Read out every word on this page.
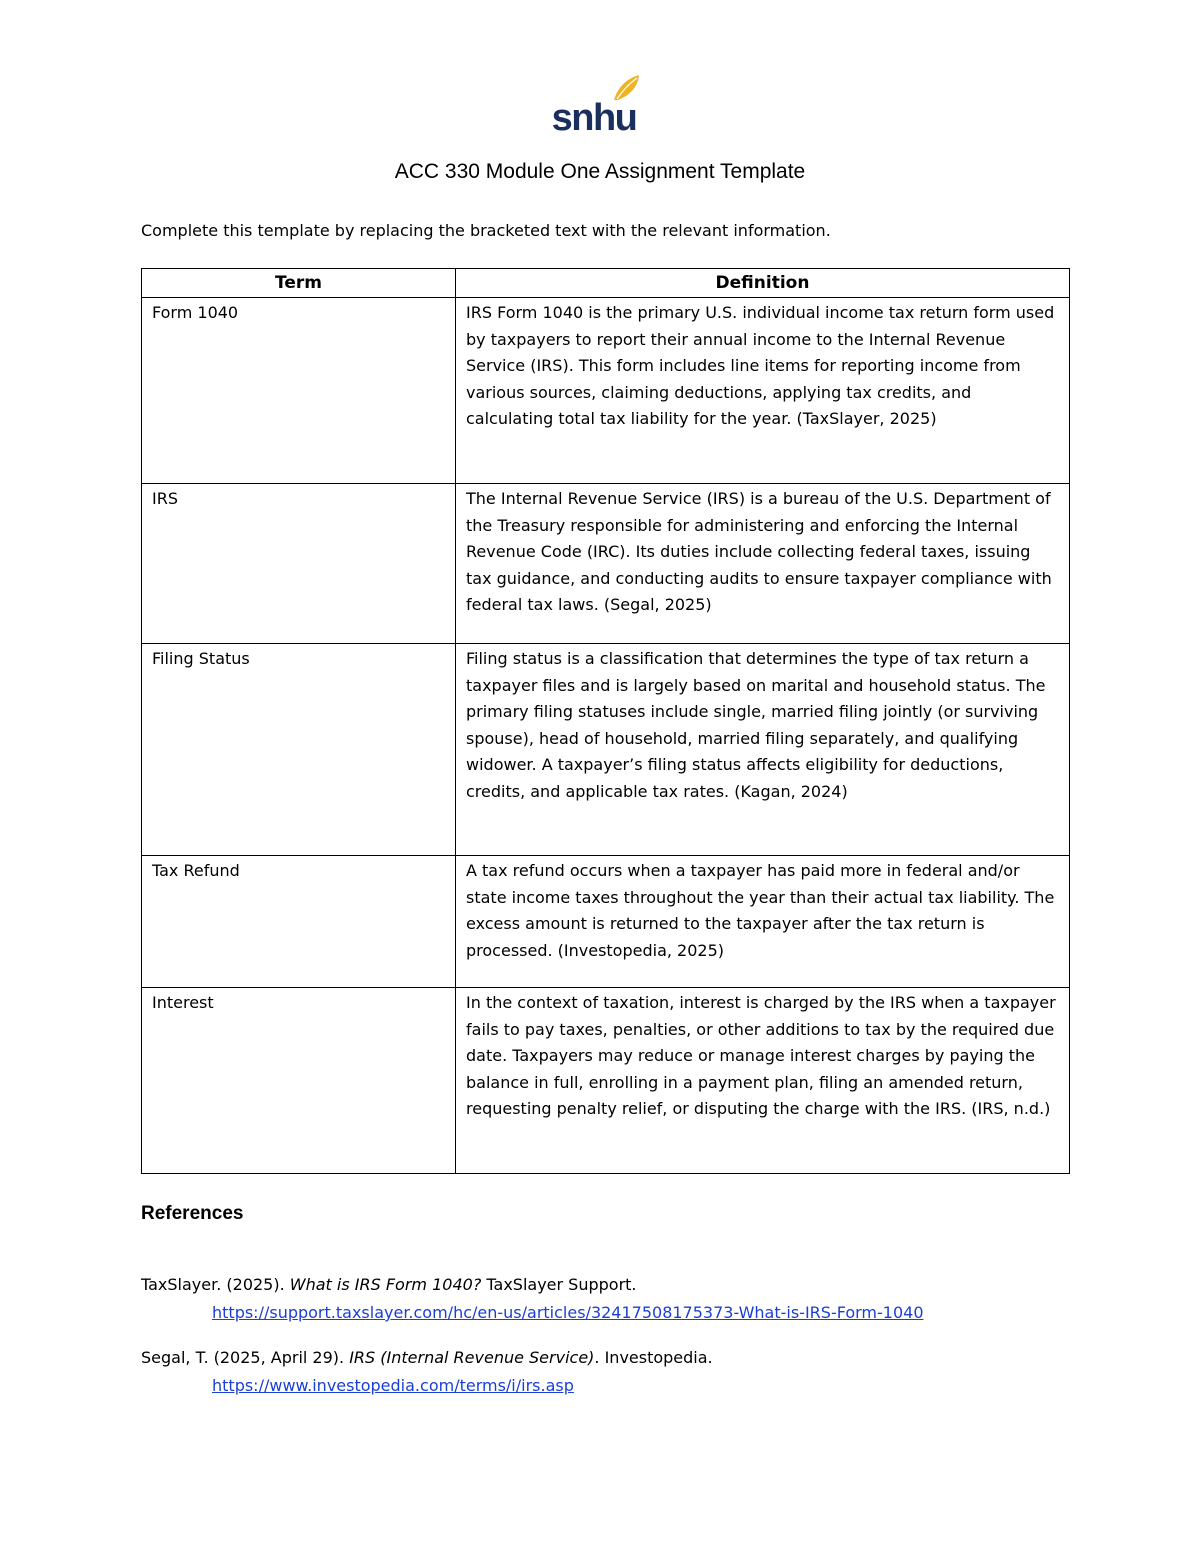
snhu
ACC 330 Module One Assignment Template
Complete this template by replacing the bracketed text with the relevant information.
Term	Definition
Form 1040	IRS Form 1040 is the primary U.S. individual income tax return form used by taxpayers to report their annual income to the Internal Revenue Service (IRS). This form includes line items for reporting income from various sources, claiming deductions, applying tax credits, and calculating total tax liability for the year. (TaxSlayer, 2025)
IRS	The Internal Revenue Service (IRS) is a bureau of the U.S. Department of the Treasury responsible for administering and enforcing the Internal Revenue Code (IRC). Its duties include collecting federal taxes, issuing tax guidance, and conducting audits to ensure taxpayer compliance with federal tax laws. (Segal, 2025)
Filing Status	Filing status is a classification that determines the type of tax return a taxpayer files and is largely based on marital and household status. The primary filing statuses include single, married filing jointly (or surviving spouse), head of household, married filing separately, and qualifying widower. A taxpayer’s filing status affects eligibility for deductions, credits, and applicable tax rates. (Kagan, 2024)
Tax Refund	A tax refund occurs when a taxpayer has paid more in federal and/or state income taxes throughout the year than their actual tax liability. The excess amount is returned to the taxpayer after the tax return is processed. (Investopedia, 2025)
Interest	In the context of taxation, interest is charged by the IRS when a taxpayer fails to pay taxes, penalties, or other additions to tax by the required due date. Taxpayers may reduce or manage interest charges by paying the balance in full, enrolling in a payment plan, filing an amended return, requesting penalty relief, or disputing the charge with the IRS. (IRS, n.d.)
References
TaxSlayer. (2025). What is IRS Form 1040? TaxSlayer Support.
https://support.taxslayer.com/hc/en-us/articles/32417508175373-What-is-IRS-Form-1040
Segal, T. (2025, April 29). IRS (Internal Revenue Service). Investopedia.
https://www.investopedia.com/terms/i/irs.asp
